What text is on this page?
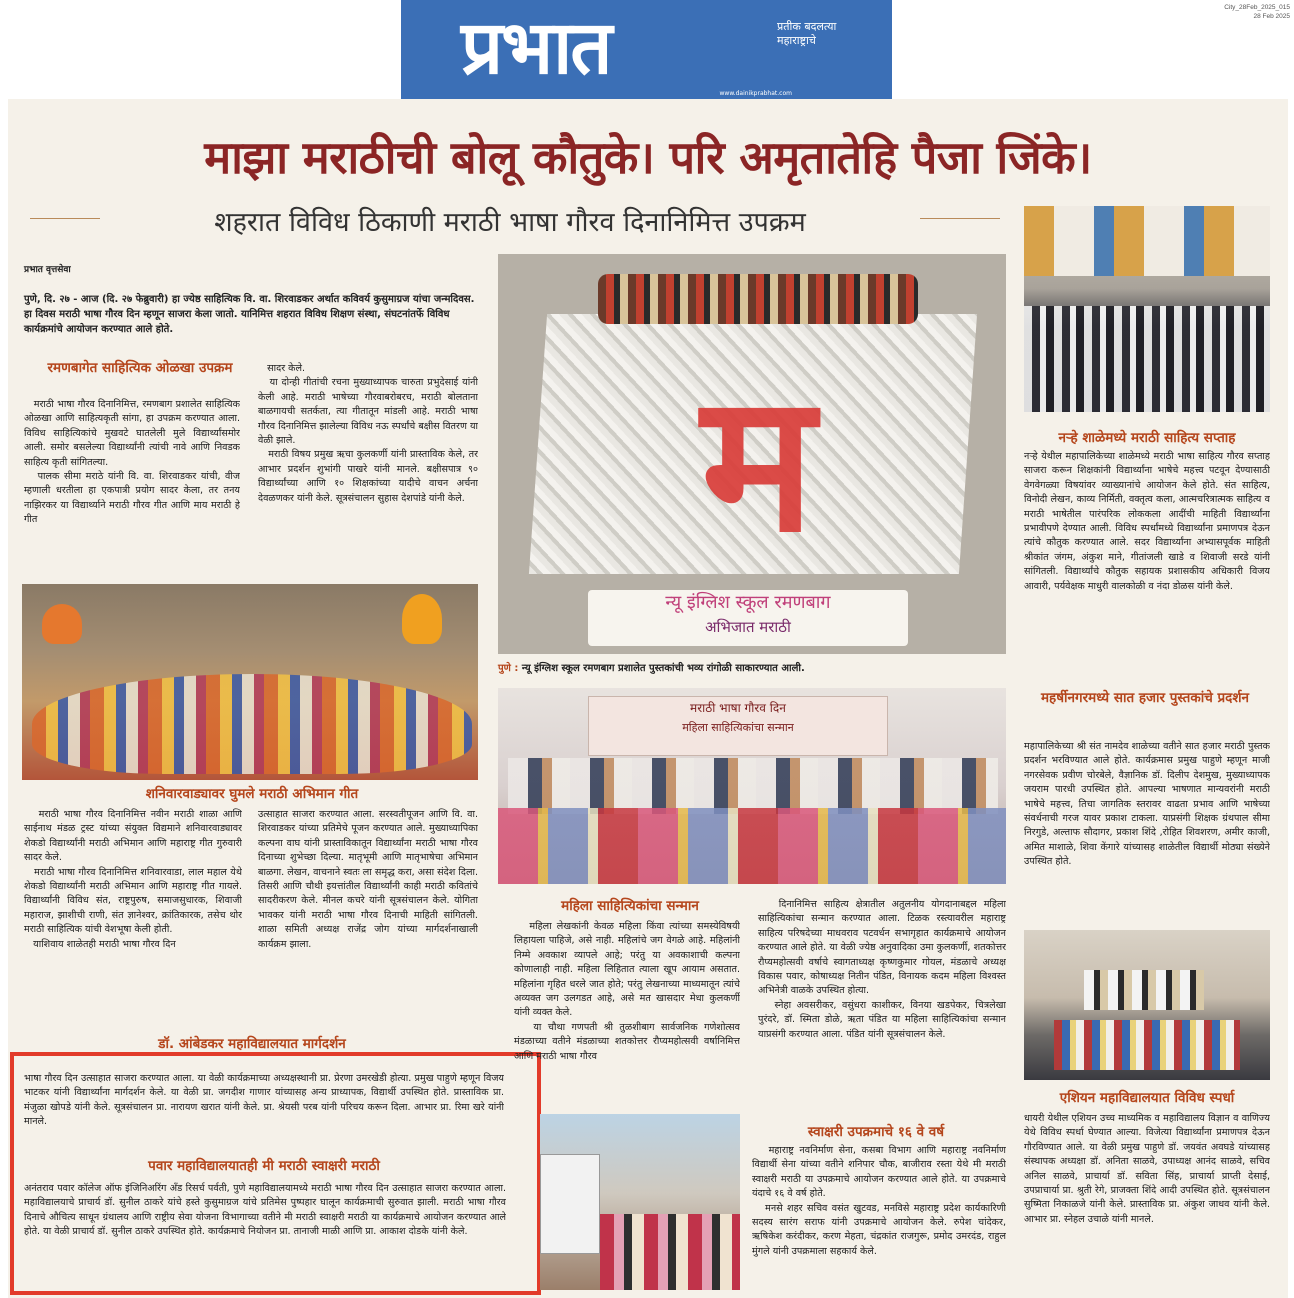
प्रभात	प्रतीक बदलत्या महाराष्ट्राचे
www.dainikprabhat.com
City_28Feb_2025_015
28 Feb 2025
माझा मराठीची बोलू कौतुके। परि अमृतातेहि पैजा जिंके।
शहरात विविध ठिकाणी मराठी भाषा गौरव दिनानिमित्त उपक्रम
प्रभात वृत्तसेवा
पुणे, दि. २७ - आज (दि. २७ फेब्रुवारी) हा ज्येष्ठ साहित्यिक वि. वा. शिरवाडकर अर्थात कविवर्य कुसुमाग्रज यांचा जन्मदिवस. हा दिवस मराठी भाषा गौरव दिन म्हणून साजरा केला जातो. यानिमित्त शहरात विविध शिक्षण संस्था, संघटनांतर्फे विविध कार्यक्रमांचे आयोजन करण्यात आले होते.
रमणबागेत साहित्यिक ओळखा उपक्रम
मराठी भाषा गौरव दिनानिमित्त, रमणबाग प्रशालेत साहित्यिक ओळखा आणि साहित्यकृती सांगा, हा उपक्रम करण्यात आला. विविध साहित्यिकांचे मुखवटे घातलेली मुले विद्यार्थ्यांसमोर आली. समोर बसलेल्या विद्यार्थ्यांनी त्यांची नावे आणि निवडक साहित्य कृती सांगितल्या.
पालक सीमा मराठे यांनी वि. वा. शिरवाडकर यांची, वीज म्हणाली धरतीला हा एकपात्री प्रयोग सादर केला, तर तनय नाझिरकर या विद्यार्थ्याने मराठी गौरव गीत आणि माय मराठी हे गीत
सादर केले.
या दोन्ही गीतांची रचना मुख्याध्यापक चारुता प्रभुदेसाई यांनी केली आहे. मराठी भाषेच्या गौरवाबरोबरच, मराठी बोलताना बाळगायची सतर्कता, त्या गीतातून मांडली आहे. मराठी भाषा गौरव दिनानिमित्त झालेल्या विविध नऊ स्पर्धांचे बक्षीस वितरण या वेळी झाले.
मराठी विषय प्रमुख ऋचा कुलकर्णी यांनी प्रास्ताविक केले, तर आभार प्रदर्शन शुभांगी पाखरे यांनी मानले. बक्षीसपात्र ९० विद्यार्थ्यांच्या आणि १० शिक्षकांच्या यादीचे वाचन अर्चना देवळणकर यांनी केले. सूत्रसंचालन सुहास देशपांडे यांनी केले.
शनिवारवाड्यावर घुमले मराठी अभिमान गीत
मराठी भाषा गौरव दिनानिमित्त नवीन मराठी शाळा आणि साईनाथ मंडळ ट्रस्ट यांच्या संयुक्त विद्यमाने शनिवारवाड्यावर शेकडो विद्यार्थ्यांनी मराठी अभिमान आणि महाराष्ट्र गीत गुरुवारी सादर केले.
मराठी भाषा गौरव दिनानिमित्त शनिवारवाडा, लाल महाल येथे शेकडो विद्यार्थ्यांनी मराठी अभिमान आणि महाराष्ट्र गीत गायले. विद्यार्थ्यांनी विविध संत, राष्ट्रपुरुष, समाजसुधारक, शिवाजी महाराज, झाशीची राणी, संत ज्ञानेश्वर, क्रांतिकारक, तसेच थोर मराठी साहित्यिक यांची वेशभूषा केली होती.
याशिवाय शाळेतही मराठी भाषा गौरव दिन
उत्साहात साजरा करण्यात आला. सरस्वतीपूजन आणि वि. वा. शिरवाडकर यांच्या प्रतिमेचे पूजन करण्यात आले. मुख्याध्यापिका कल्पना वाघ यांनी प्रास्ताविकातून विद्यार्थ्यांना मराठी भाषा गौरव दिनाच्या शुभेच्छा दिल्या. मातृभूमी आणि मातृभाषेचा अभिमान बाळगा. लेखन, वाचनाने स्वतः ला समृद्ध करा, असा संदेश दिला. तिसरी आणि चौथी इयत्तांतील विद्यार्थ्यांनी काही मराठी कवितांचे सादरीकरण केले. मीनल कचरे यांनी सूत्रसंचालन केले. योगिता भावकर यांनी मराठी भाषा गौरव दिनाची माहिती सांगितली. शाळा समिती अध्यक्ष राजेंद्र जोग यांच्या मार्गदर्शनाखाली कार्यक्रम झाला.
डॉ. आंबेडकर महाविद्यालयात मार्गदर्शन
भाषा गौरव दिन उत्साहात साजरा करण्यात आला. या वेळी कार्यक्रमाच्या अध्यक्षस्थानी प्रा. प्रेरणा उमरखेडी होत्या. प्रमुख पाहुणे म्हणून विजय भाटकर यांनी विद्यार्थ्यांना मार्गदर्शन केले. या वेळी प्रा. जगदीश गाणार यांच्यासह अन्य प्राध्यापक, विद्यार्थी उपस्थित होते. प्रास्ताविक प्रा. मंजुळा खोपडे यांनी केले. सूत्रसंचालन प्रा. नारायण खरात यांनी केले. प्रा. श्रेयसी परब यांनी परिचय करून दिला. आभार प्रा. रिमा खरे यांनी मानले.
पवार महाविद्यालयातही मी मराठी स्वाक्षरी मराठी
अनंतराव पवार कॉलेज ऑफ इंजिनिअरिंग अँड रिसर्च पर्वती, पुणे महाविद्यालयामध्ये मराठी भाषा गौरव दिन उत्साहात साजरा करण्यात आला. महाविद्यालयाचे प्राचार्य डॉ. सुनील ठाकरे यांचे हस्ते कुसुमाग्रज यांचे प्रतिमेस पुष्पहार घालून कार्यक्रमाची सुरुवात झाली. मराठी भाषा गौरव दिनाचे औचित्य साधून ग्रंथालय आणि राष्ट्रीय सेवा योजना विभागाच्या वतीने मी मराठी स्वाक्षरी मराठी या कार्यक्रमाचे आयोजन करण्यात आले होते. या वेळी प्राचार्य डॉ. सुनील ठाकरे उपस्थित होते. कार्यक्रमाचे नियोजन प्रा. तानाजी माळी आणि प्रा. आकाश दोडके यांनी केले.
म
न्यू इंग्लिश स्कूल रमणबाग
अभिजात मराठी
पुणे : न्यू इंग्लिश स्कूल रमणबाग प्रशालेत पुस्तकांची भव्य रांगोळी साकारण्यात आली.
मराठी भाषा गौरव दिन
महिला साहित्यिकांचा सन्मान
महिला साहित्यिकांचा सन्मान
महिला लेखकांनी केवळ महिला किंवा त्यांच्या समस्येविषयी लिहायला पाहिजे, असे नाही. महिलांचे जग वेगळे आहे. महिलांनी निम्मे अवकाश व्यापले आहे; परंतु या अवकाशाची कल्पना कोणालाही नाही. महिला लिहितात त्याला खूप आयाम असतात. महिलांना गृहित धरले जात होते; परंतु लेखनाच्या माध्यमातून त्यांचे अव्यक्त जग उलगडत आहे, असे मत खासदार मेधा कुलकर्णी यांनी व्यक्त केले.
या चौथा गणपती श्री तुळशीबाग सार्वजनिक गणेशोत्सव मंडळाच्या वतीने मंडळाच्या शतकोत्तर रौप्यमहोत्सवी वर्षानिमित्त आणि मराठी भाषा गौरव
दिनानिमित्त साहित्य क्षेत्रातील अतुलनीय योगदानाबद्दल महिला साहित्यिकांचा सन्मान करण्यात आला. टिळक रस्त्यावरील महाराष्ट्र साहित्य परिषदेच्या माधवराव पटवर्धन सभागृहात कार्यक्रमाचे आयोजन करण्यात आले होते. या वेळी ज्येष्ठ अनुवादिका उमा कुलकर्णी, शतकोत्तर रौप्यमहोत्सवी वर्षाचे स्वागताध्यक्ष कृष्णकुमार गोयल, मंडळाचे अध्यक्ष विकास पवार, कोषाध्यक्ष नितीन पंडित, विनायक कदम महिला विश्वस्त अभिनेत्री वाळके उपस्थित होत्या.
स्नेहा अवसरीकर, वसुंधरा काशीकर, विनया खडपेकर, चित्रलेखा पुरंदरे, डॉ. स्मिता डोळे, ऋता पंडित या महिला साहित्यिकांचा सन्मान याप्रसंगी करण्यात आला. पंडित यांनी सूत्रसंचालन केले.
स्वाक्षरी उपक्रमाचे १६ वे वर्ष
महाराष्ट्र नवनिर्माण सेना, कसबा विभाग आणि महाराष्ट्र नवनिर्माण विद्यार्थी सेना यांच्या वतीने शनिपार चौक, बाजीराव रस्ता येथे मी मराठी स्वाक्षरी मराठी या उपक्रमाचे आयोजन करण्यात आले होते. या उपक्रमाचे यंदाचे १६ वे वर्ष होते.
मनसे शहर सचिव वसंत खुटवड, मनविसे महाराष्ट्र प्रदेश कार्यकारिणी सदस्य सारंग सराफ यांनी उपक्रमाचे आयोजन केले. रुपेश चांदेकर, ऋषिकेश करंदीकर, करण मेहता, चंद्रकांत राजगुरू, प्रमोद उमरदंड, राहुल मुंगले यांनी उपक्रमाला सहकार्य केले.
नऱ्हे शाळेमध्ये मराठी साहित्य सप्ताह
नऱ्हे येथील महापालिकेच्या शाळेमध्ये मराठी भाषा साहित्य गौरव सप्ताह साजरा करून शिक्षकांनी विद्यार्थ्यांना भाषेचे महत्त्व पटवून देण्यासाठी वेगवेगळ्या विषयांवर व्याख्यानांचे आयोजन केले होते. संत साहित्य, विनोदी लेखन, काव्य निर्मिती, वक्तृत्व कला, आत्मचरित्रात्मक साहित्य व मराठी भाषेतील पारंपरिक लोककला आदींची माहिती विद्यार्थ्यांना प्रभावीपणे देण्यात आली. विविध स्पर्धांमध्ये विद्यार्थ्यांना प्रमाणपत्र देऊन त्यांचे कौतुक करण्यात आले. सदर विद्यार्थ्यांना अभ्यासपूर्वक माहिती श्रीकांत जंगम, अंकुश माने, गीतांजली खाडे व शिवाजी सरडे यांनी सांगितली. विद्यार्थ्यांचे कौतुक सहायक प्रशासकीय अधिकारी विजय आवारी, पर्यवेक्षक माधुरी वालकोळी व नंदा डोळस यांनी केले.
महर्षीनगरमध्ये सात हजार पुस्तकांचे प्रदर्शन
महापालिकेच्या श्री संत नामदेव शाळेच्या वतीने सात हजार मराठी पुस्तक प्रदर्शन भरविण्यात आले होते. कार्यक्रमास प्रमुख पाहुणे म्हणून माजी नगरसेवक प्रवीण चोरबेले, वैज्ञानिक डॉ. दिलीप देशमुख, मुख्याध्यापक जयराम पारधी उपस्थित होते. आपल्या भाषणात मान्यवरांनी मराठी भाषेचे महत्त्व, तिचा जागतिक स्तरावर वाढता प्रभाव आणि भाषेच्या संवर्धनाची गरज यावर प्रकाश टाकला. याप्रसंगी शिक्षक ग्रंथपाल सीमा निरगुडे, अल्ताफ सौदागर, प्रकाश शिंदे ,रोहित शिवशरण, अमीर काजी, अमित माशाळे, शिवा केंगारे यांच्यासह शाळेतील विद्यार्थी मोठ्या संख्येने उपस्थित होते.
एशियन महाविद्यालयात विविध स्पर्धा
धायरी येथील एशियन उच्च माध्यमिक व महाविद्यालय विज्ञान व वाणिज्य येथे विविध स्पर्धा घेण्यात आल्या. विजेत्या विद्यार्थ्यांना प्रमाणपत्र देऊन गौरविण्यात आले. या वेळी प्रमुख पाहुणे डॉ. जयवंत अवघडे यांच्यासह संस्थापक अध्यक्षा डॉ. अनिता साळवे, उपाध्यक्ष आनंद साळवे, सचिव अनिल साळवे, प्राचार्या डॉ. सविता सिंह, प्राचार्या प्राप्ती देसाई, उपप्राचार्या प्रा. श्रुती रेगे, प्राजक्ता शिंदे आदी उपस्थित होते. सूत्रसंचालन सुष्मिता निकाळजे यांनी केले. प्रास्ताविक प्रा. अंकुश जाधव यांनी केले. आभार प्रा. स्नेहल उचाळे यांनी मानले.
